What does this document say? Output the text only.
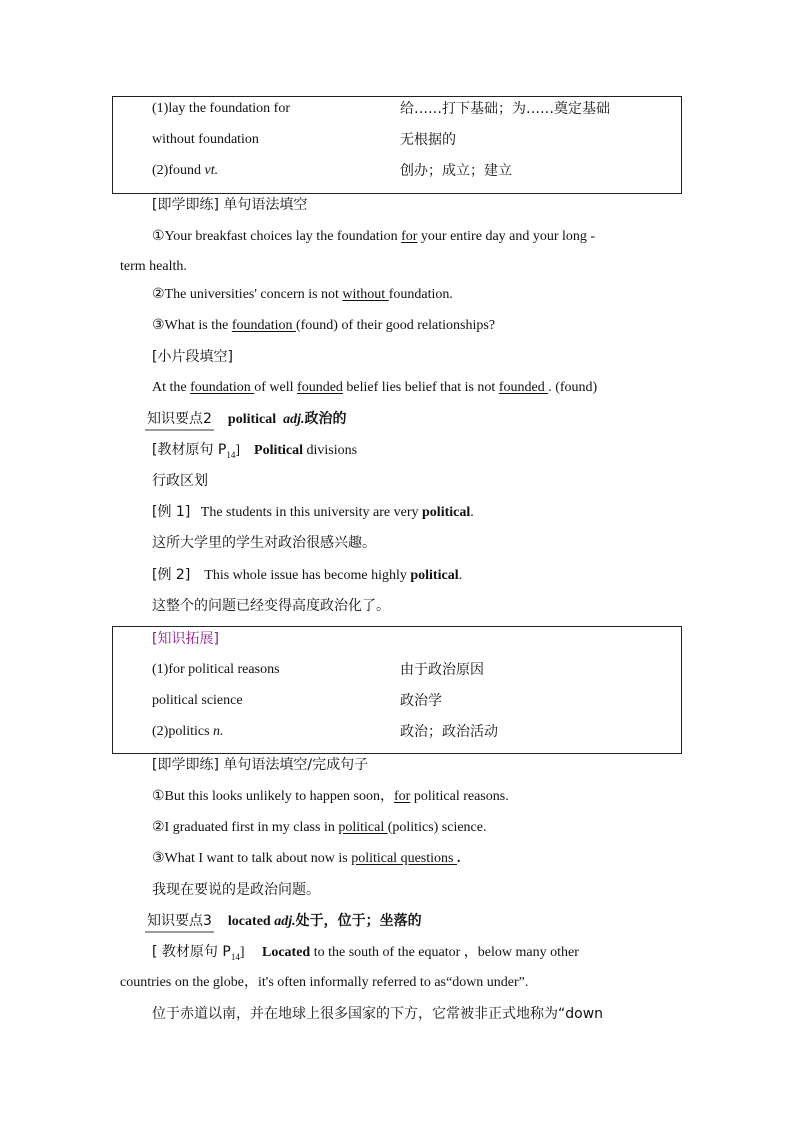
(1)lay the foundation for	给……打下基础；为……奠定基础
without foundation	无根据的
(2)found vt.	创办；成立；建立
[即学即练] 单句语法填空
①Your breakfast choices lay the foundation for your entire day and your long -
term health.
②The universities' concern is not without foundation.
③What is the foundation (found) of their good relationships?
[小片段填空]
At the foundation of well founded belief lies belief that is not founded . (found)
知识要点2 political adj.政治的
[教材原句 $P_{14}$] Political divisions
行政区划
[例 1] The students in this university are very political.
这所大学里的学生对政治很感兴趣。
[例 2] This whole issue has become highly political.
这整个的问题已经变得高度政治化了。
[知识拓展]
(1)for political reasons	由于政治原因
political science	政治学
(2)politics n.	政治；政治活动
[即学即练] 单句语法填空/完成句子
①But this looks unlikely to happen soon，for political reasons.
②I graduated first in my class in political (politics) science.
③What I want to talk about now is political questions .
我现在要说的是政治问题。
知识要点3 located adj.处于，位于；坐落的
[ 教材原句 $P_{14}$] Located to the south of the equator ，below many other
countries on the globe，it's often informally referred to as“down under”.
位于赤道以南，并在地球上很多国家的下方，它常被非正式地称为“down
